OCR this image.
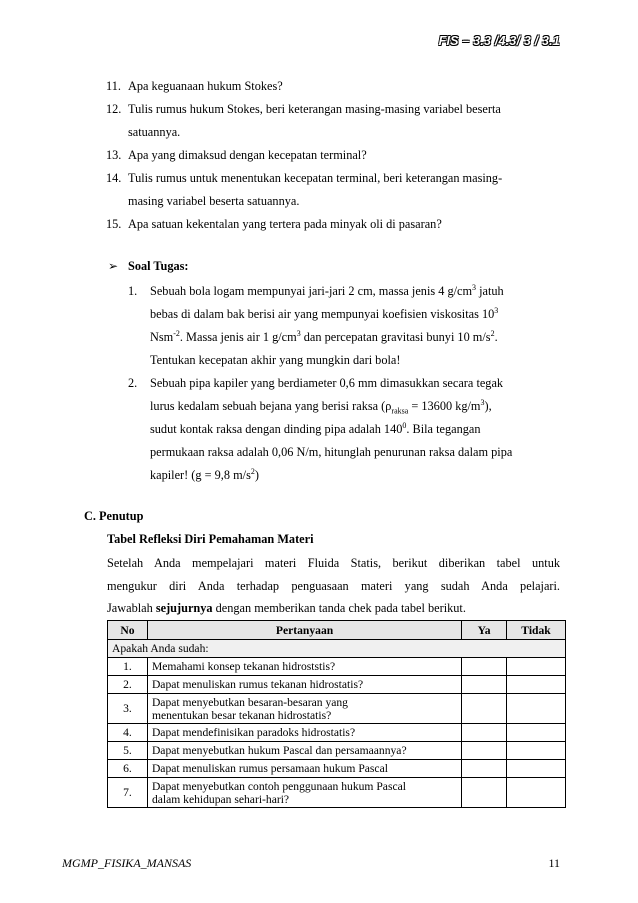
FIS – 3.3 /4.3/ 3 / 3.1
11. Apa keguanaan hukum Stokes?
12. Tulis rumus hukum Stokes, beri keterangan masing-masing variabel beserta
satuannya.
13. Apa yang dimaksud dengan kecepatan terminal?
14. Tulis rumus untuk menentukan kecepatan terminal, beri keterangan masing-
masing variabel beserta satuannya.
15. Apa satuan kekentalan yang tertera pada minyak oli di pasaran?
➢ Soal Tugas:
1. Sebuah bola logam mempunyai jari-jari 2 cm, massa jenis 4 $g/cm^3$ jatuh
bebas di dalam bak berisi air yang mempunyai koefisien viskositas $10^3$
Nsm$^{-2}$. Massa jenis air 1 $g/cm^3$ dan percepatan gravitasi bunyi 10 $m/s^2$.
Tentukan kecepatan akhir yang mungkin dari bola!
2. Sebuah pipa kapiler yang berdiameter 0,6 mm dimasukkan secara tegak
lurus kedalam sebuah bejana yang berisi raksa ($\rho_{raksa} = 13600$ $kg/m^3$),
sudut kontak raksa dengan dinding pipa adalah $140^0$. Bila tegangan
permukaan raksa adalah 0,06 N/m, hitunglah penurunan raksa dalam pipa
kapiler! (g = 9,8 $m/s^2$)
C. Penutup
Tabel Refleksi Diri Pemahaman Materi
Setelah Anda mempelajari materi Fluida Statis, berikut diberikan tabel untuk
mengukur diri Anda terhadap penguasaan materi yang sudah Anda pelajari.
Jawablah sejujurnya dengan memberikan tanda chek pada tabel berikut.
No	Pertanyaan	Ya	Tidak
Apakah Anda sudah:			
1.	Memahami konsep tekanan hidroststis?		
2.	Dapat menuliskan rumus tekanan hidrostatis?		
3.	Dapat menyebutkan besaran-besaran yang
menentukan besar tekanan hidrostatis?		

4.	Dapat mendefinisikan paradoks hidrostatis?		
5.	Dapat menyebutkan hukum Pascal dan persamaannya?		
6.	Dapat menuliskan rumus persamaan hukum Pascal		
7.	Dapat menyebutkan contoh penggunaan hukum Pascal
dalam kehidupan sehari-hari?		

MGMP_FISIKA_MANSAS	11
